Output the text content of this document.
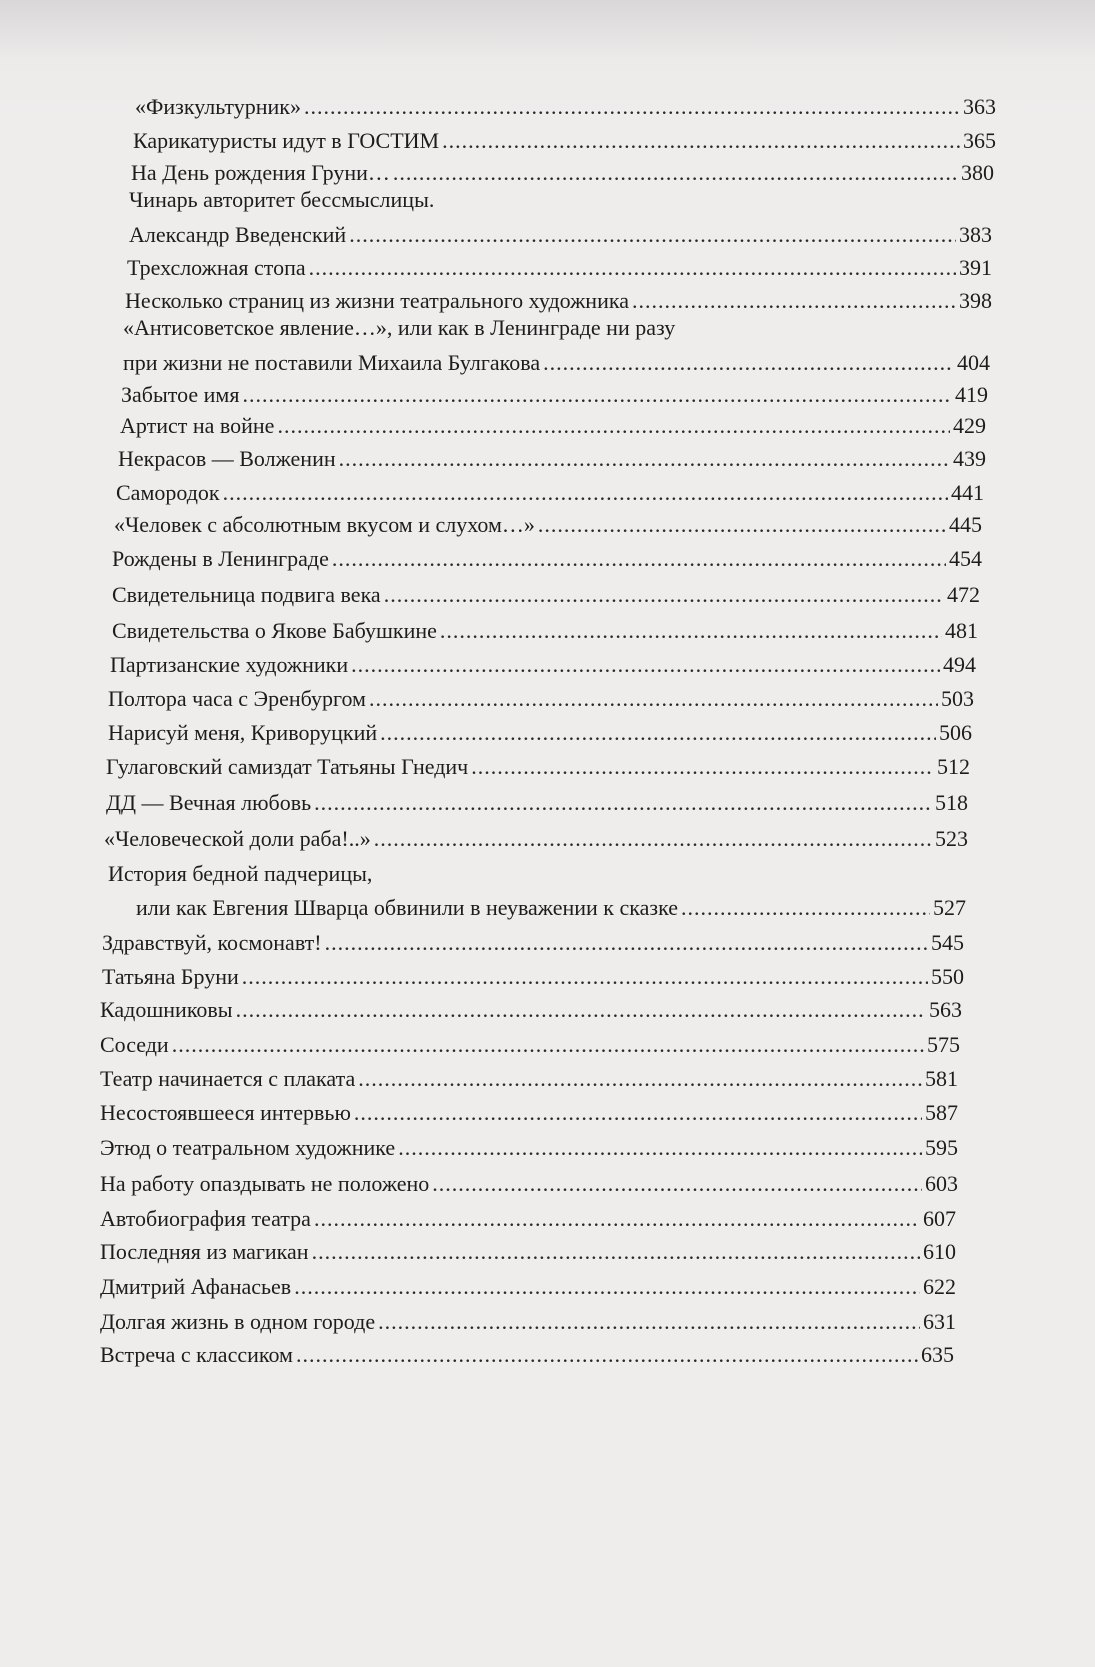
«Физкультурник» .....	363
Карикатуристы идут в ГОСТИМ .....	365
На День рождения Груни… .....	380
Чинарь авторитет бессмыслицы.
Александр Введенский .....	383
Трехсложная стопа .....	391
Несколько страниц из жизни театрального художника .....	398
«Антисоветское явление…», или как в Ленинграде ни разу
при жизни не поставили Михаила Булгакова .....	404
Забытое имя .....	419
Артист на войне .....	429
Некрасов — Волженин .....	439
Самородок .....	441
«Человек с абсолютным вкусом и слухом…» .....	445
Рождены в Ленинграде .....	454
Свидетельница подвига века .....	472
Свидетельства о Якове Бабушкине .....	481
Партизанские художники .....	494
Полтора часа с Эренбургом .....	503
Нарисуй меня, Криворуцкий .....	506
Гулаговский самиздат Татьяны Гнедич .....	512
ДД — Вечная любовь .....	518
«Человеческой доли раба!..» .....	523
История бедной падчерицы,
или как Евгения Шварца обвинили в неуважении к сказке .....	527
Здравствуй, космонавт! .....	545
Татьяна Бруни .....	550
Кадошниковы .....	563
Соседи .....	575
Театр начинается с плаката .....	581
Несостоявшееся интервью .....	587
Этюд о театральном художнике .....	595
На работу опаздывать не положено .....	603
Автобиография театра .....	607
Последняя из магикан .....	610
Дмитрий Афанасьев .....	622
Долгая жизнь в одном городе .....	631
Встреча с классиком .....	635
